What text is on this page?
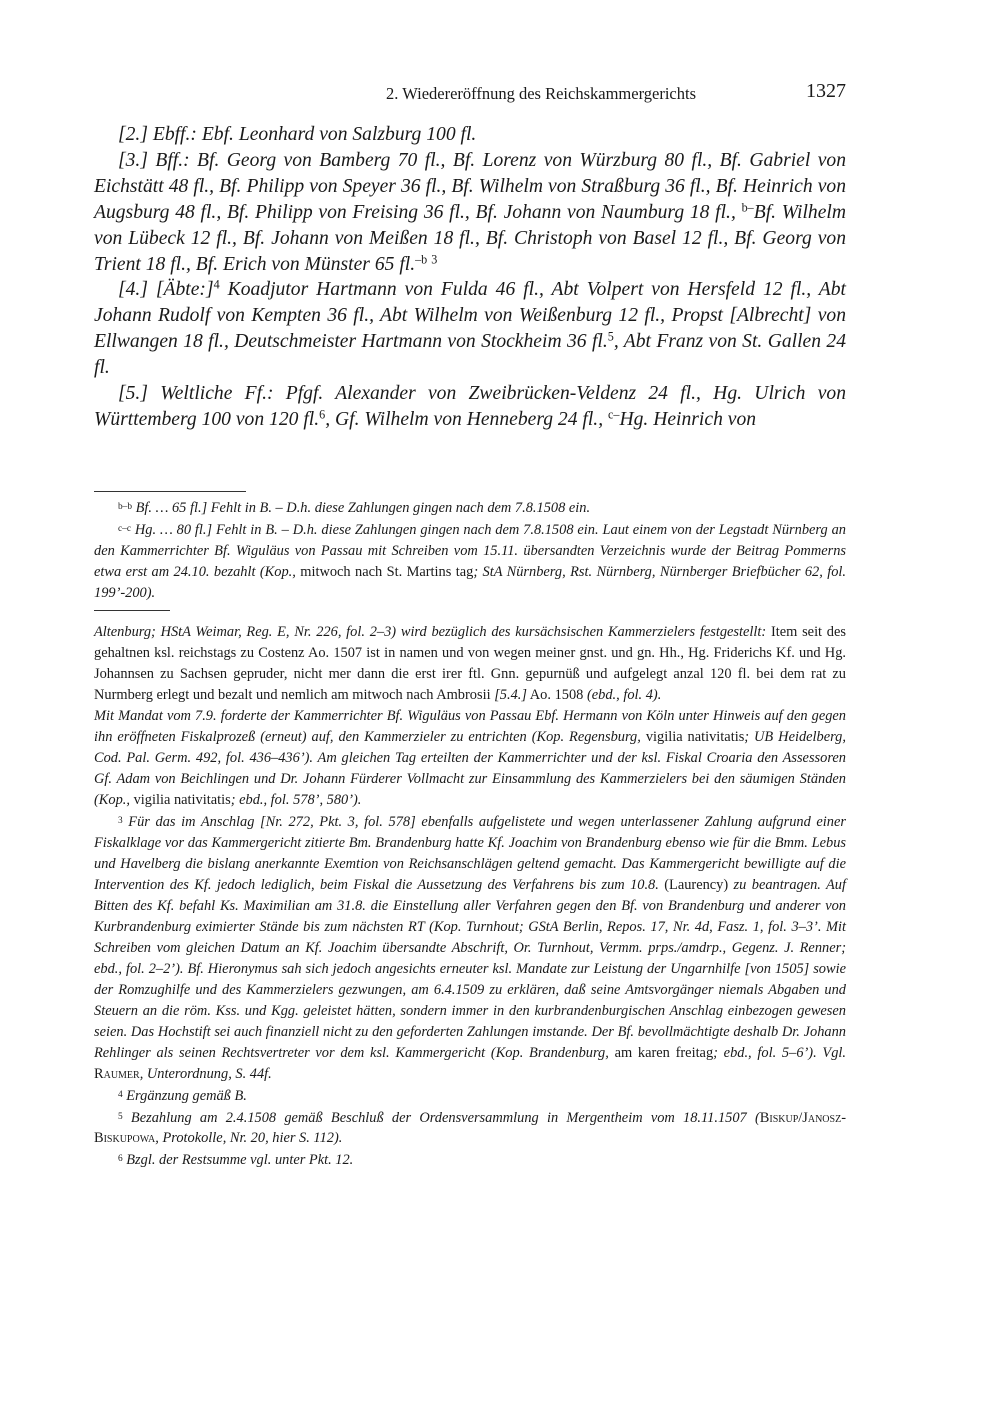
2. Wiedereröffnung des Reichskammergerichts	1327

[2.] Ebff.: Ebf. Leonhard von Salzburg 100 fl.

[3.] Bff.: Bf. Georg von Bamberg 70 fl., Bf. Lorenz von Würzburg 80 fl., Bf. Gabriel von Eichstätt 48 fl., Bf. Philipp von Speyer 36 fl., Bf. Wilhelm von Straßburg 36 fl., Bf. Heinrich von Augsburg 48 fl., Bf. Philipp von Freising 36 fl., Bf. Johann von Naumburg 18 fl., $^{b-}$Bf. Wilhelm von Lübeck 12 fl., Bf. Johann von Meißen 18 fl., Bf. Christoph von Basel 12 fl., Bf. Georg von Trient 18 fl., Bf. Erich von Münster 65 fl.$^{-b}$  $^3$

[4.] [Äbte:]$^4$ Koadjutor Hartmann von Fulda 46 fl., Abt Volpert von Hersfeld 12 fl., Abt Johann Rudolf von Kempten 36 fl., Abt Wilhelm von Weißenburg 12 fl., Propst [Albrecht] von Ellwangen 18 fl., Deutschmeister Hartmann von Stockheim 36 fl.$^5$, Abt Franz von St. Gallen 24 fl.

[5.] Weltliche Ff.: Pfgf. Alexander von Zweibrücken-Veldenz 24 fl., Hg. Ulrich von Württemberg 100 von 120 fl.$^6$, Gf. Wilhelm von Henneberg 24 fl., $^{c-}$Hg. Heinrich von

b–b Bf. … 65 fl.] Fehlt in B. – D.h. diese Zahlungen gingen nach dem 7.8.1508 ein.

c–c Hg. … 80 fl.] Fehlt in B. – D.h. diese Zahlungen gingen nach dem 7.8.1508 ein. Laut einem von der Legstadt Nürnberg an den Kammerrichter Bf. Wiguläus von Passau mit Schreiben vom 15.11. übersandten Verzeichnis wurde der Beitrag Pommerns etwa erst am 24.10. bezahlt (Kop., mitwoch nach St. Martins tag; StA Nürnberg, Rst. Nürnberg, Nürnberger Briefbücher 62, fol. 199’-200).

Altenburg; HStA Weimar, Reg. E, Nr. 226, fol. 2–3) wird bezüglich des kursächsischen Kammerzielers festgestellt: Item seit des gehaltnen ksl. reichstags zu Costenz Ao. 1507 ist in namen und von wegen meiner gnst. und gn. Hh., Hg. Friderichs Kf. und Hg. Johannsen zu Sachsen gepruder, nicht mer dann die erst irer ftl. Gnn. gepurnüß und aufgelegt anzal 120 fl. bei dem rat zu Nurmberg erlegt und bezalt und nemlich am mitwoch nach Ambrosii [5.4.] Ao. 1508 (ebd., fol. 4).

Mit Mandat vom 7.9. forderte der Kammerrichter Bf. Wiguläus von Passau Ebf. Hermann von Köln unter Hinweis auf den gegen ihn eröffneten Fiskalprozeß (erneut) auf, den Kammerzieler zu entrichten (Kop. Regensburg, vigilia nativitatis; UB Heidelberg, Cod. Pal. Germ. 492, fol. 436–436’). Am gleichen Tag erteilten der Kammerrichter und der ksl. Fiskal Croaria den Assessoren Gf. Adam von Beichlingen und Dr. Johann Fürderer Vollmacht zur Einsammlung des Kammerzielers bei den säumigen Ständen (Kop., vigilia nativitatis; ebd., fol. 578’, 580’).

3 Für das im Anschlag [Nr. 272, Pkt. 3, fol. 578] ebenfalls aufgelistete und wegen unterlassener Zahlung aufgrund einer Fiskalklage vor das Kammergericht zitierte Bm. Brandenburg hatte Kf. Joachim von Brandenburg ebenso wie für die Bmm. Lebus und Havelberg die bislang anerkannte Exemtion von Reichsanschlägen geltend gemacht. Das Kammergericht bewilligte auf die Intervention des Kf. jedoch lediglich, beim Fiskal die Aussetzung des Verfahrens bis zum 10.8. (Laurency) zu beantragen. Auf Bitten des Kf. befahl Ks. Maximilian am 31.8. die Einstellung aller Verfahren gegen den Bf. von Brandenburg und anderer von Kurbrandenburg eximierter Stände bis zum nächsten RT (Kop. Turnhout; GStA Berlin, Repos. 17, Nr. 4d, Fasz. 1, fol. 3–3’. Mit Schreiben vom gleichen Datum an Kf. Joachim übersandte Abschrift, Or. Turnhout, Vermm. prps./amdrp., Gegenz. J. Renner; ebd., fol. 2–2’). Bf. Hieronymus sah sich jedoch angesichts erneuter ksl. Mandate zur Leistung der Ungarnhilfe [von 1505] sowie der Romzughilfe und des Kammerzielers gezwungen, am 6.4.1509 zu erklären, daß seine Amtsvorgänger niemals Abgaben und Steuern an die röm. Kss. und Kgg. geleistet hätten, sondern immer in den kurbrandenburgischen Anschlag einbezogen gewesen seien. Das Hochstift sei auch finanziell nicht zu den geforderten Zahlungen imstande. Der Bf. bevollmächtigte deshalb Dr. Johann Rehlinger als seinen Rechtsvertreter vor dem ksl. Kammergericht (Kop. Brandenburg, am karen freitag; ebd., fol. 5–6’). Vgl. Raumer, Unterordnung, S. 44f.

4 Ergänzung gemäß B.

5 Bezahlung am 2.4.1508 gemäß Beschluß der Ordensversammlung in Mergentheim vom 18.11.1507 (Biskup/Janosz-Biskupowa, Protokolle, Nr. 20, hier S. 112).

6 Bzgl. der Restsumme vgl. unter Pkt. 12.
